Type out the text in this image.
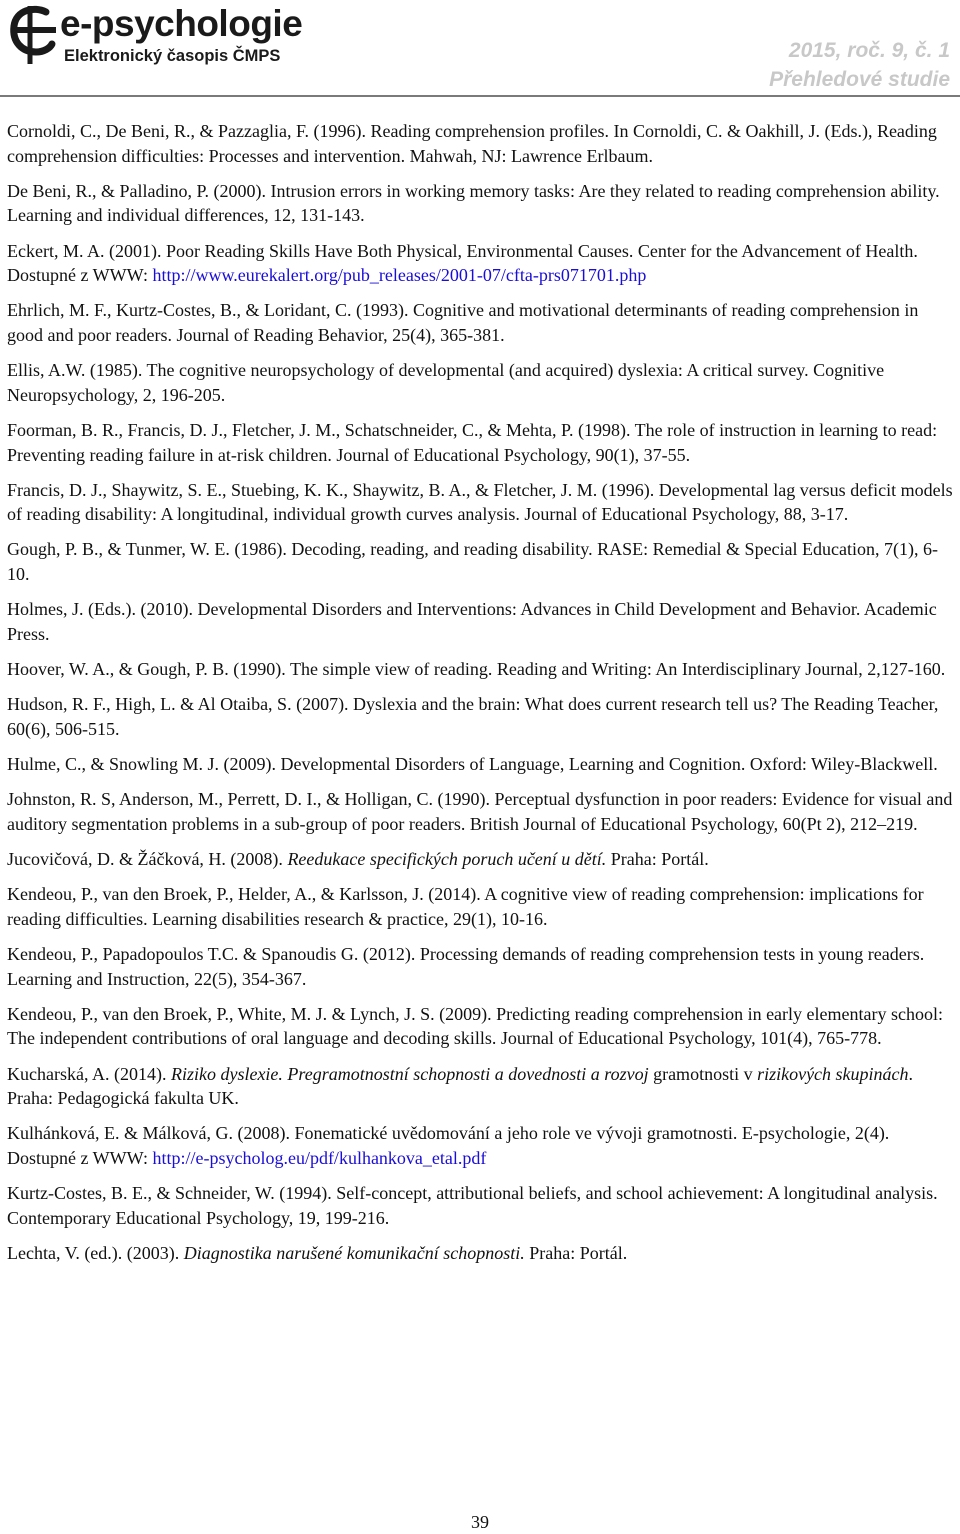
e-psychologie
Elektronický časopis ČMPS	2015, roč. 9, č. 1
Přehledové studie

Cornoldi, C., De Beni, R., & Pazzaglia, F. (1996). Reading comprehension profiles. In Cornoldi, C. & Oakhill, J. (Eds.), Reading comprehension difficulties: Processes and intervention. Mahwah, NJ: Lawrence Erlbaum.

De Beni, R., & Palladino, P. (2000). Intrusion errors in working memory tasks: Are they related to reading comprehension ability. Learning and individual differences, 12, 131-143.

Eckert, M. A. (2001). Poor Reading Skills Have Both Physical, Environmental Causes. Center for the Advancement of Health. Dostupné z WWW: http://www.eurekalert.org/pub_releases/2001-07/cfta-prs071701.php

Ehrlich, M. F., Kurtz-Costes, B., & Loridant, C. (1993). Cognitive and motivational determinants of reading comprehension in good and poor readers. Journal of Reading Behavior, 25(4), 365-381.

Ellis, A.W. (1985). The cognitive neuropsychology of developmental (and acquired) dyslexia: A critical survey. Cognitive Neuropsychology, 2, 196-205.

Foorman, B. R., Francis, D. J., Fletcher, J. M., Schatschneider, C., & Mehta, P. (1998). The role of instruction in learning to read: Preventing reading failure in at-risk children. Journal of Educational Psychology, 90(1), 37-55.

Francis, D. J., Shaywitz, S. E., Stuebing, K. K., Shaywitz, B. A., & Fletcher, J. M. (1996). Developmental lag versus deficit models of reading disability: A longitudinal, individual growth curves analysis. Journal of Educational Psychology, 88, 3-17.

Gough, P. B., & Tunmer, W. E. (1986). Decoding, reading, and reading disability. RASE: Remedial & Special Education, 7(1), 6-10.

Holmes, J. (Eds.). (2010). Developmental Disorders and Interventions: Advances in Child Development and Behavior. Academic Press.

Hoover, W. A., & Gough, P. B. (1990). The simple view of reading. Reading and Writing: An Interdisciplinary Journal, 2,127-160.

Hudson, R. F., High, L. & Al Otaiba, S. (2007). Dyslexia and the brain: What does current research tell us? The Reading Teacher, 60(6), 506-515.

Hulme, C., & Snowling M. J. (2009). Developmental Disorders of Language, Learning and Cognition. Oxford: Wiley-Blackwell.

Johnston, R. S, Anderson, M., Perrett, D. I., & Holligan, C. (1990). Perceptual dysfunction in poor readers: Evidence for visual and auditory segmentation problems in a sub-group of poor readers. British Journal of Educational Psychology, 60(Pt 2), 212–219.

Jucovičová, D. & Žáčková, H. (2008). Reedukace specifických poruch učení u dětí. Praha: Portál.

Kendeou, P., van den Broek, P., Helder, A., & Karlsson, J. (2014). A cognitive view of reading comprehension: implications for reading difficulties. Learning disabilities research & practice, 29(1), 10-16.

Kendeou, P., Papadopoulos T.C. & Spanoudis G. (2012). Processing demands of reading comprehension tests in young readers. Learning and Instruction, 22(5), 354-367.

Kendeou, P., van den Broek, P., White, M. J. & Lynch, J. S. (2009). Predicting reading comprehension in early elementary school: The independent contributions of oral language and decoding skills. Journal of Educational Psychology, 101(4), 765-778.

Kucharská, A. (2014). Riziko dyslexie. Pregramotnostní schopnosti a dovednosti a rozvoj gramotnosti v rizikových skupinách. Praha: Pedagogická fakulta UK.

Kulhánková, E. & Málková, G. (2008). Fonematické uvědomování a jeho role ve vývoji gramotnosti. E-psychologie, 2(4). Dostupné z WWW: http://e-psycholog.eu/pdf/kulhankova_etal.pdf

Kurtz-Costes, B. E., & Schneider, W. (1994). Self-concept, attributional beliefs, and school achievement: A longitudinal analysis. Contemporary Educational Psychology, 19, 199-216.

Lechta, V. (ed.). (2003). Diagnostika narušené komunikační schopnosti. Praha: Portál.

39
